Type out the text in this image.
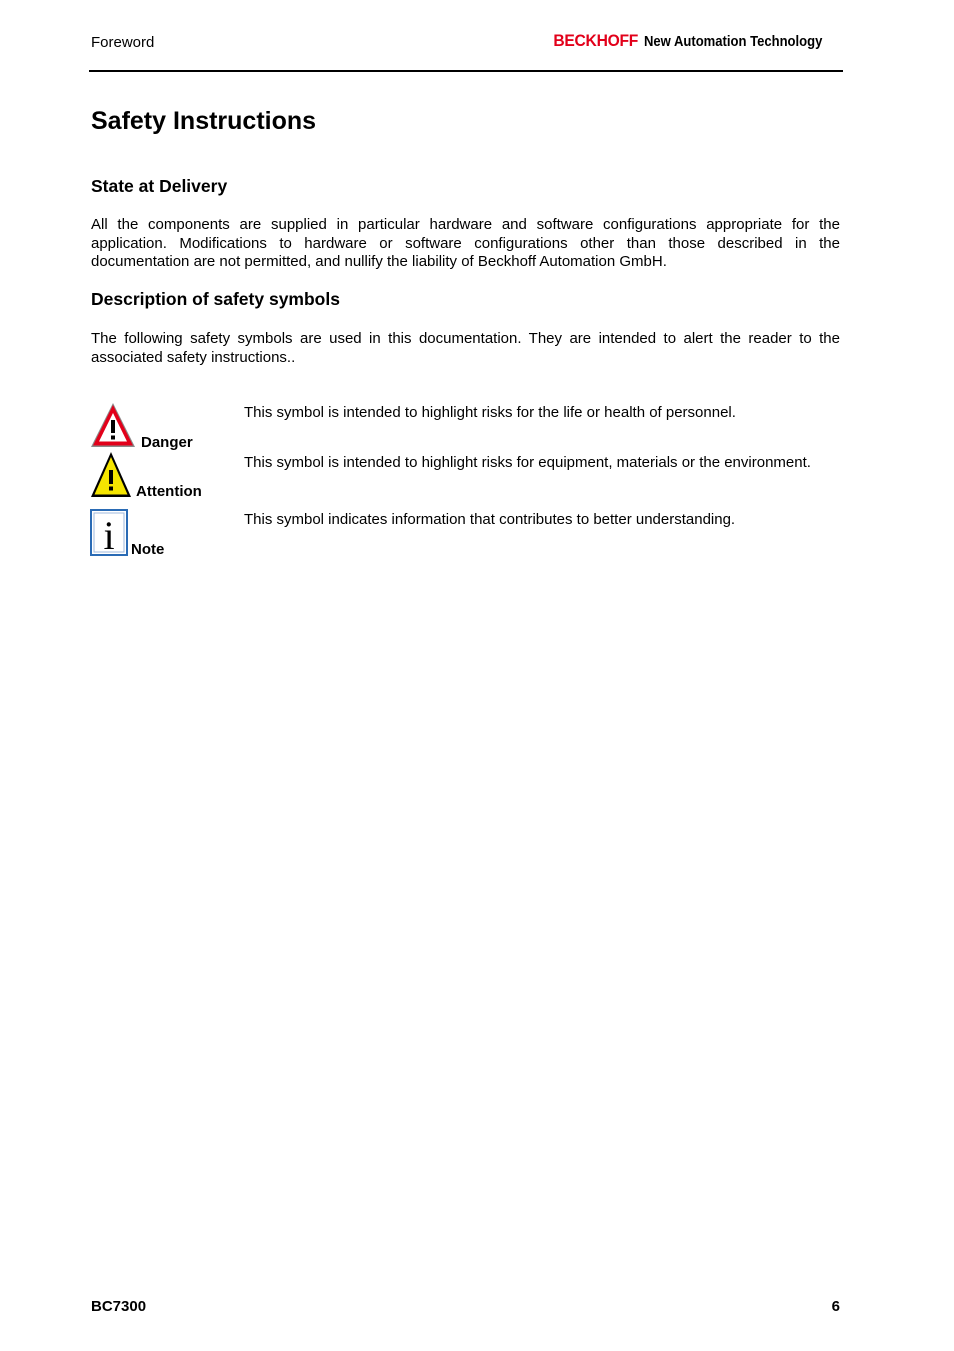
Foreword	BECKHOFF New Automation Technology
Safety Instructions
State at Delivery

All the components are supplied in particular hardware and software configurations appropriate for the application. Modifications to hardware or software configurations other than those described in the documentation are not permitted, and nullify the liability of Beckhoff Automation GmbH.

Description of safety symbols

The following safety symbols are used in this documentation. They are intended to alert the reader to the associated safety instructions..

Danger

This symbol is intended to highlight risks for the life or health of personnel.

Attention

This symbol is intended to highlight risks for equipment, materials or the environment.

i Note

This symbol indicates information that contributes to better understanding.

BC7300	6
